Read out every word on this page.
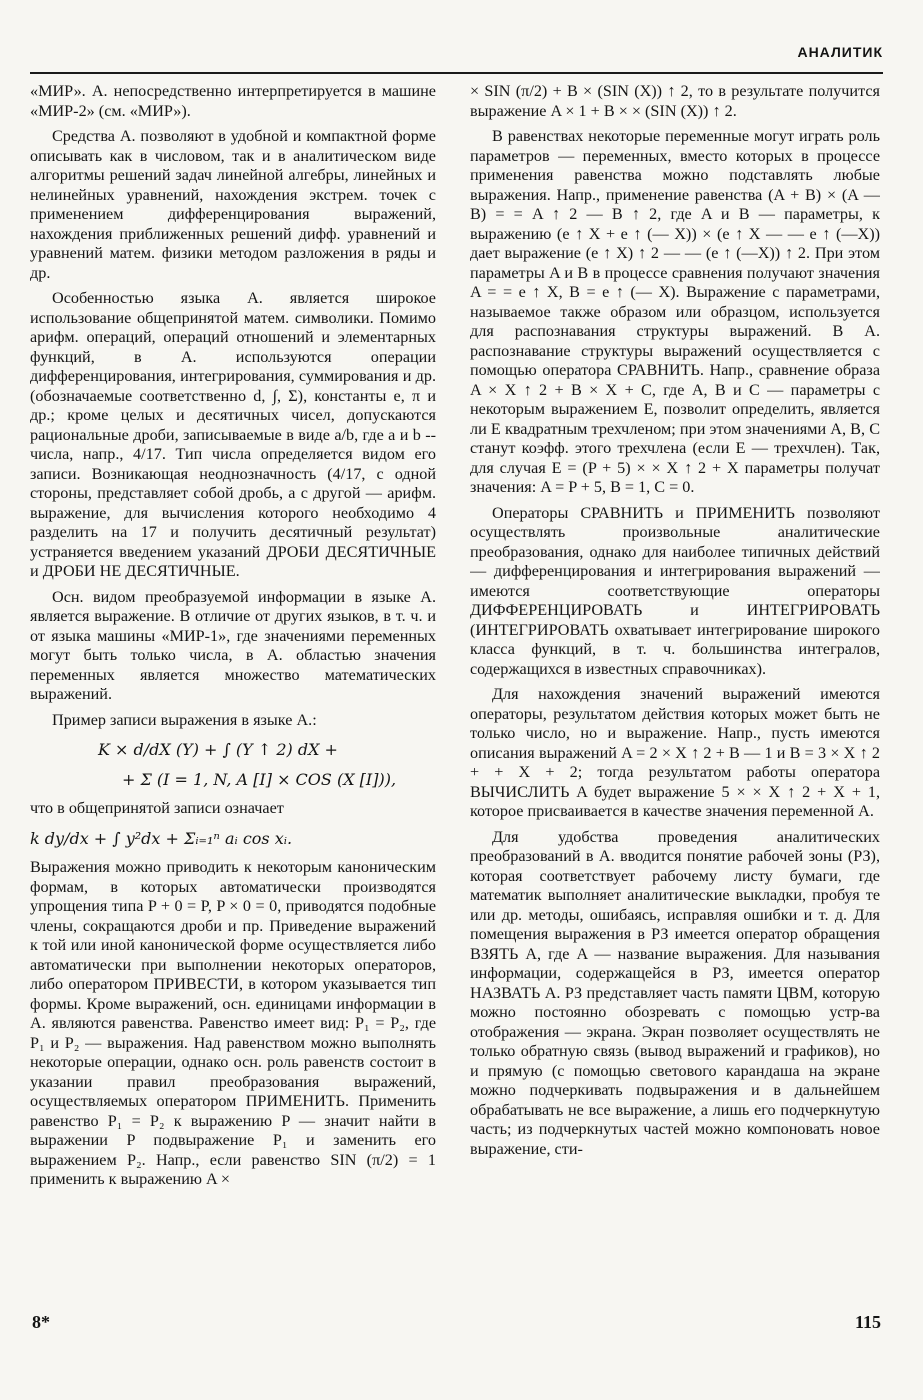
АНАЛИТИК

«МИР». А. непосредственно интерпретируется в машине «МИР-2» (см. «МИР»).

Средства А. позволяют в удобной и компактной форме описывать как в числовом, так и в аналитическом виде алгоритмы решений задач линейной алгебры, линейных и нелинейных уравнений, нахождения экстрем. точек с применением дифференцирования выражений, нахождения приближенных решений дифф. уравнений и уравнений матем. физики методом разложения в ряды и др.

Особенностью языка А. является широкое использование общепринятой матем. символики. Помимо арифм. операций, операций отношений и элементарных функций, в А. используются операции дифференцирования, интегрирования, суммирования и др. (обозначаемые соответственно d, ∫, Σ), константы e, π и др.; кроме целых и десятичных чисел, допускаются рациональные дроби, записываемые в виде a/b, где a и b -- числа, напр., 4/17. Тип числа определяется видом его записи. Возникающая неоднозначность (4/17, с одной стороны, представляет собой дробь, а с другой — арифм. выражение, для вычисления которого необходимо 4 разделить на 17 и получить десятичный результат) устраняется введением указаний ДРОБИ ДЕСЯТИЧНЫЕ и ДРОБИ НЕ ДЕСЯТИЧНЫЕ.

Осн. видом преобразуемой информации в языке А. является выражение. В отличие от других языков, в т. ч. и от языка машины «МИР-1», где значениями переменных могут быть только числа, в А. областью значения переменных является множество математических выражений.

Пример записи выражения в языке А.:

K × d/dX (Y) + ∫ (Y ↑ 2) dX +
+ Σ (I = 1, N, A [I] × COS (X [I])),

что в общепринятой записи означает

k dy/dx + ∫ y²dx + Σᵢ₌₁ⁿ aᵢ cos xᵢ.

Выражения можно приводить к некоторым каноническим формам, в которых автоматически производятся упрощения типа P + 0 = P, P × 0 = 0, приводятся подобные члены, сокращаются дроби и пр. Приведение выражений к той или иной канонической форме осуществляется либо автоматически при выполнении некоторых операторов, либо оператором ПРИВЕСТИ, в котором указывается тип формы. Кроме выражений, осн. единицами информации в А. являются равенства. Равенство имеет вид: P₁ = P₂, где P₁ и P₂ — выражения. Над равенством можно выполнять некоторые операции, однако осн. роль равенств состоит в указании правил преобразования выражений, осуществляемых оператором ПРИМЕНИТЬ. Применить равенство P₁ = P₂ к выражению P — значит найти в выражении P подвыражение P₁ и заменить его выражением P₂. Напр., если равенство SIN (π/2) = 1 применить к выражению A ×

× SIN (π/2) + B × (SIN (X)) ↑ 2, то в результате получится выражение A × 1 + B × × (SIN (X)) ↑ 2.

В равенствах некоторые переменные могут играть роль параметров — переменных, вместо которых в процессе применения равенства можно подставлять любые выражения. Напр., применение равенства (A + B) × (A — B) = = A ↑ 2 — B ↑ 2, где A и B — параметры, к выражению (e ↑ X + e ↑ (— X)) × (e ↑ X — — e ↑ (—X)) дает выражение (e ↑ X) ↑ 2 — — (e ↑ (—X)) ↑ 2. При этом параметры A и B в процессе сравнения получают значения A = = e ↑ X, B = e ↑ (— X). Выражение с параметрами, называемое также образом или образцом, используется для распознавания структуры выражений. В А. распознавание структуры выражений осуществляется с помощью оператора СРАВНИТЬ. Напр., сравнение образа A × X ↑ 2 + B × X + C, где A, B и C — параметры с некоторым выражением E, позволит определить, является ли E квадратным трехчленом; при этом значениями A, B, C станут коэфф. этого трехчлена (если E — трехчлен). Так, для случая E = (P + 5) × × X ↑ 2 + X параметры получат значения: A = P + 5, B = 1, C = 0.

Операторы СРАВНИТЬ и ПРИМЕНИТЬ позволяют осуществлять произвольные аналитические преобразования, однако для наиболее типичных действий — дифференцирования и интегрирования выражений — имеются соответствующие операторы ДИФФЕРЕНЦИРОВАТЬ и ИНТЕГРИРОВАТЬ (ИНТЕГРИРОВАТЬ охватывает интегрирование широкого класса функций, в т. ч. большинства интегралов, содержащихся в известных справочниках).

Для нахождения значений выражений имеются операторы, результатом действия которых может быть не только число, но и выражение. Напр., пусть имеются описания выражений A = 2 × X ↑ 2 + B — 1 и B = 3 × X ↑ 2 + + X + 2; тогда результатом работы оператора ВЫЧИСЛИТЬ A будет выражение 5 × × X ↑ 2 + X + 1, которое присваивается в качестве значения переменной A.

Для удобства проведения аналитических преобразований в А. вводится понятие рабочей зоны (РЗ), которая соответствует рабочему листу бумаги, где математик выполняет аналитические выкладки, пробуя те или др. методы, ошибаясь, исправляя ошибки и т. д. Для помещения выражения в РЗ имеется оператор обращения ВЗЯТЬ A, где A — название выражения. Для называния информации, содержащейся в РЗ, имеется оператор НАЗВАТЬ A. РЗ представляет часть памяти ЦВМ, которую можно постоянно обозревать с помощью устр-ва отображения — экрана. Экран позволяет осуществлять не только обратную связь (вывод выражений и графиков), но и прямую (с помощью светового карандаша на экране можно подчеркивать подвыражения и в дальнейшем обрабатывать не все выражение, а лишь его подчеркнутую часть; из подчеркнутых частей можно компоновать новое выражение, сти-

8*	115
